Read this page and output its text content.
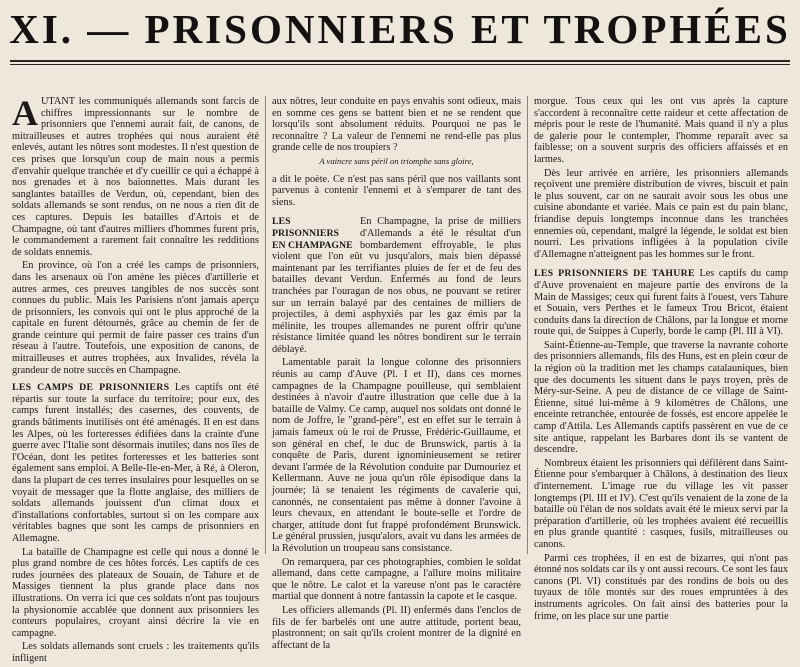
XI. — PRISONNIERS ET TROPHÉES

AUTANT les communiqués allemands sont farcis de chiffres impressionnants sur le nombre de prisonniers que l'ennemi aurait fait, de canons, de mitrailleuses et autres trophées qui nous auraient été enlevés, autant les nôtres sont modestes. Il n'est question de ces prises que lorsqu'un coup de main nous a permis d'envahir quelque tranchée et d'y cueillir ce qui a échappé à nos grenades et à nos baïonnettes. Mais durant les sanglantes batailles de Verdun, où, cependant, bien des soldats allemands se sont rendus, on ne nous a rien dit de ces captures. Depuis les batailles d'Artois et de Champagne, où tant d'autres milliers d'hommes furent pris, le commandement a rarement fait connaître les redditions de soldats ennemis.

En province, où l'on a créé les camps de prisonniers, dans les arsenaux où l'on amène les pièces d'artillerie et autres armes, ces preuves tangibles de nos succès sont connues du public. Mais les Parisiens n'ont jamais aperçu de prisonniers, les convois qui ont le plus approché de la capitale en furent détournés, grâce au chemin de fer de grande ceinture qui permit de faire passer ces trains d'un réseau à l'autre. Toutefois, une exposition de canons, de mitrailleuses et autres trophées, aux Invalides, révéla la grandeur de notre succès en Champagne.

LES CAMPS DE PRISONNIERS Les captifs ont été répartis sur toute la surface du territoire; pour eux, des camps furent installés; des casernes, des couvents, de grands bâtiments inutilisés ont été aménagés. Il en est dans les Alpes, où les forteresses édifiées dans la crainte d'une guerre avec l'Italie sont désormais inutiles; dans nos îles de l'Océan, dont les petites forteresses et les batteries sont également sans emploi. A Belle-Ile-en-Mer, à Ré, à Oleron, dans la plupart de ces terres insulaires pour lesquelles on se voyait de messager que la flotte anglaise, des milliers de soldats allemands jouissent d'un climat doux et d'installations confortables, surtout si on les compare aux véritables bagnes que sont les camps de prisonniers en Allemagne.

La bataille de Champagne est celle qui nous a donné le plus grand nombre de ces hôtes forcés. Les captifs de ces rudes journées des plateaux de Souain, de Tahure et de Massiges tiennent la plus grande place dans nos illustrations. On verra ici que ces soldats n'ont pas toujours la physionomie accablée que donnent aux prisonniers les conteurs populaires, croyant ainsi décrire la vie en campagne.

Les soldats allemands sont cruels : les traitements qu'ils infligent

aux nôtres, leur conduite en pays envahis sont odieux, mais en somme ces gens se battent bien et ne se rendent que lorsqu'ils sont absolument réduits. Pourquoi ne pas le reconnaître ? La valeur de l'ennemi ne rend-elle pas plus grande celle de nos troupiers ?

A vaincre sans péril on triomphe sans gloire,

a dit le poète. Ce n'est pas sans péril que nos vaillants sont parvenus à contenir l'ennemi et à s'emparer de tant des siens.

LES PRISONNIERS EN CHAMPAGNE
En Champagne, la prise de milliers d'Allemands a été le résultat d'un bombardement effroyable, le plus violent que l'on eût vu jusqu'alors, mais bien dépassé maintenant par les terrifiantes pluies de fer et de feu des batailles devant Verdun. Enfermés au fond de leurs tranchées par l'ouragan de nos obus, ne pouvant se retirer sur un terrain balayé par des centaines de milliers de projectiles, à demi asphyxiés par les gaz émis par la mélinite, les troupes allemandes ne purent offrir qu'une résistance limitée quand les nôtres bondirent sur le terrain déblayé.

Lamentable parait la longue colonne des prisonniers réunis au camp d'Auve (Pl. I et II), dans ces mornes campagnes de la Champagne pouilleuse, qui semblaient destinées à n'avoir d'autre illustration que celle due à la bataille de Valmy. Ce camp, auquel nos soldats ont donné le nom de Joffre, le "grand-père", est en effet sur le terrain à jamais fameux où le roi de Prusse, Frédéric-Guillaume, et son général en chef, le duc de Brunswick, partis à la conquête de Paris, durent ignominieusement se retirer devant l'armée de la Révolution conduite par Dumouriez et Kellermann. Auve ne joua qu'un rôle épisodique dans la journée; là se tenaient les régiments de cavalerie qui, canonnés, ne consentaient pas même à donner l'avoine à leurs chevaux, en attendant le boute-selle et l'ordre de charger, attitude dont fut frappé profondément Brunswick. Le général prussien, jusqu'alors, avait vu dans les armées de la Révolution un troupeau sans consistance.

On remarquera, par ces photographies, combien le soldat allemand, dans cette campagne, a l'allure moins militaire que le nôtre. Le calot et la vareuse n'ont pas le caractère martial que donnent à notre fantassin la capote et le casque.

Les officiers allemands (Pl. II) enfermés dans l'enclos de fils de fer barbelés ont une autre attitude, portent beau, plastronnent; on sait qu'ils croient montrer de la dignité en affectant de la

morgue. Tous ceux qui les ont vus après la capture s'accordent à reconnaître cette raideur et cette affectation de mépris pour le reste de l'humanité. Mais quand il n'y a plus de galerie pour le contempler, l'homme reparaît avec sa faiblesse; on a souvent surpris des officiers affaissés et en larmes.

Dès leur arrivée en arrière, les prisonniers allemands reçoivent une première distribution de vivres, biscuit et pain le plus souvent, car on ne saurait avoir sous les obus une cuisine abondante et variée. Mais ce pain est du pain blanc, friandise depuis longtemps inconnue dans les tranchées ennemies où, cependant, malgré la légende, le soldat est bien nourri. Les privations infligées à la population civile d'Allemagne n'atteignent pas les hommes sur le front.

LES PRISONNIERS DE TAHURE Les captifs du camp d'Auve provenaient en majeure partie des environs de la Main de Massiges; ceux qui furent faits à l'ouest, vers Tahure et Souain, vers Perthes et le fameux Trou Bricot, étaient conduits dans la direction de Châlons, par la longue et morne route qui, de Suippes à Cuperly, borde le camp (Pl. III à VI).

Saint-Étienne-au-Temple, que traverse la navrante cohorte des prisonniers allemands, fils des Huns, est en plein cœur de la région où la tradition met les champs catalauniques, bien que des documents les situent dans le pays troyen, près de Méry-sur-Seine. A peu de distance de ce village de Saint-Étienne, situé lui-même à 9 kilomètres de Châlons, une enceinte retranchée, entourée de fossés, est encore appelée le camp d'Attila. Les Allemands captifs passèrent en vue de ce site antique, rappelant les Barbares dont ils se vantent de descendre.

Nombreux étaient les prisonniers qui défilèrent dans Saint-Étienne pour s'embarquer à Châlons, à destination des lieux d'internement. L'image rue du village les vit passer longtemps (Pl. III et IV). C'est qu'ils venaient de la zone de la bataille où l'élan de nos soldats avait été le mieux servi par la préparation d'artillerie, où les trophées avaient été recueillis en plus grande quantité : casques, fusils, mitrailleuses ou canons.

Parmi ces trophées, il en est de bizarres, qui n'ont pas étonné nos soldats car ils y ont aussi recours. Ce sont les faux canons (Pl. VI) constitués par des rondins de bois ou des tuyaux de tôle montés sur des roues empruntées à des instruments agricoles. On fait ainsi des batteries pour la frime, on les place sur une partie
